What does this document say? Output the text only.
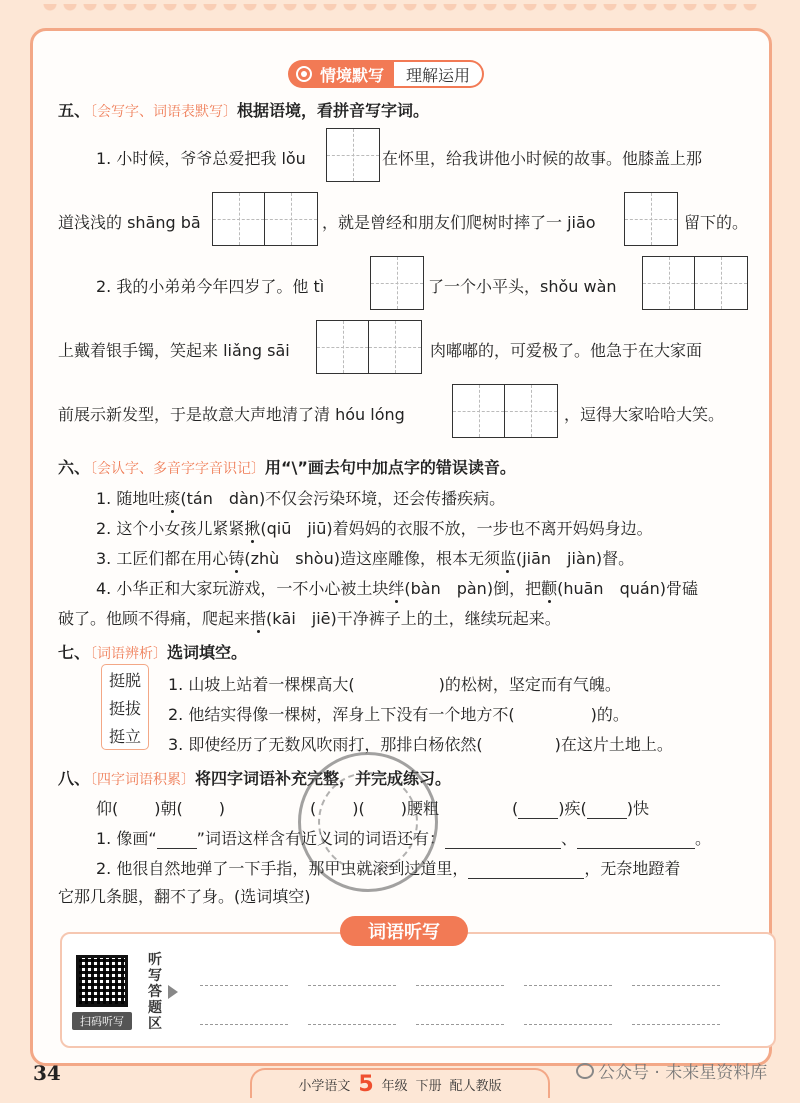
情境默写	理解运用
五、〔会写字、词语表默写〕根据语境，看拼音写字词。
1. 小时候，爷爷总爱把我 lǒu	在怀里，给我讲他小时候的故事。他膝盖上那
道浅浅的 shāng bā	，就是曾经和朋友们爬树时摔了一 jiāo	留下的。
2. 我的小弟弟今年四岁了。他 tì	了一个小平头，shǒu wàn
上戴着银手镯，笑起来 liǎng sāi	肉嘟嘟的，可爱极了。他急于在大家面
前展示新发型，于是故意大声地清了清 hóu lóng	，逗得大家哈哈大笑。
六、〔会认字、多音字字音识记〕用“\”画去句中加点字的错误读音。
1. 随地吐痰(tán　dàn)不仅会污染环境，还会传播疾病。
2. 这个小女孩儿紧紧揪(qiū　jiū)着妈妈的衣服不放，一步也不离开妈妈身边。
3. 工匠们都在用心铸(zhù　shòu)造这座雕像，根本无须监(jiān　jiàn)督。
4. 小华正和大家玩游戏，一不小心被土块绊(bàn　pàn)倒，把颧(huān　quán)骨磕
破了。他顾不得痛，爬起来揩(kāi　jiē)干净裤子上的土，继续玩起来。
七、〔词语辨析〕选词填空。
挺脱
挺拔
挺立
1. 山坡上站着一棵棵高大(	)的松树，坚定而有气魄。
2. 他结实得像一棵树，浑身上下没有一个地方不(	)的。
3. 即使经历了无数风吹雨打，那排白杨依然(	)在这片土地上。
八、〔四字词语积累〕将四字词语补充完整，并完成练习。
仰( )朝( )	( )( )腰粗	(	)疾(	)快
1. 像画“	”词语这样含有近义词的词语还有：	、	。
2. 他很自然地弹了一下手指，那甲虫就滚到过道里，	，无奈地蹬着
它那几条腿，翻不了身。(选词填空)
词语听写
扫码听写
听
写
答
题
区
34
小学语文 5 年级 下册 配人教版
公众号 · 未来星资料库
